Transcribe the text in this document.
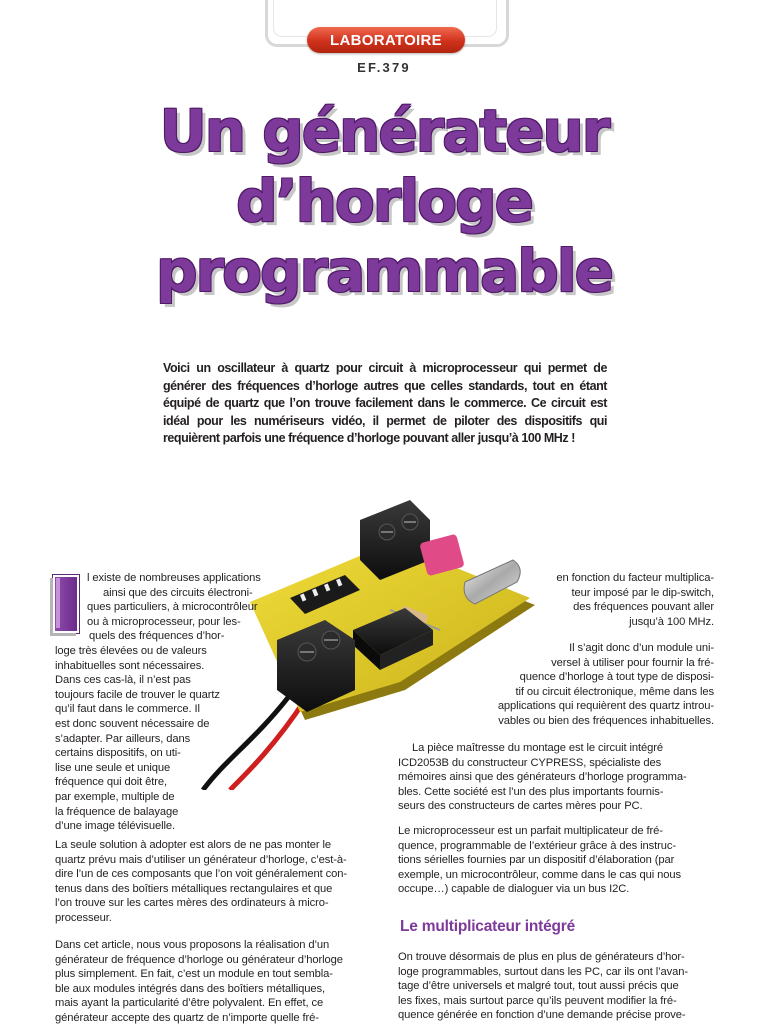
LABORATOIRE
EF.379
Un générateur
d’horloge
programmable

Voici un oscillateur à quartz pour circuit à microprocesseur qui permet de générer des fréquences d’horloge autres que celles standards, tout en étant équipé de quartz que l’on trouve facilement dans le commerce. Ce circuit est idéal pour les numériseurs vidéo, il permet de piloter des dispositifs qui requièrent parfois une fréquence d’horloge pouvant aller jusqu’à 100 MHz !

l existe de nombreuses applications

ainsi que des circuits électroni-

ques particuliers, à microcontrôleur

ou à microprocesseur, pour les-

quels des fréquences d’hor-

loge très élevées ou de valeurs

inhabituelles sont nécessaires.

Dans ces cas-là, il n’est pas

toujours facile de trouver le quartz

qu’il faut dans le commerce. Il

est donc souvent nécessaire de

s’adapter. Par ailleurs, dans

certains dispositifs, on uti-

lise une seule et unique

fréquence qui doit être,

par exemple, multiple de

la fréquence de balayage

d’une image télévisuelle.

La seule solution à adopter est alors de ne pas monter le

quartz prévu mais d’utiliser un générateur d’horloge, c’est-à-

dire l’un de ces composants que l’on voit généralement con-

tenus dans des boîtiers métalliques rectangulaires et que

l’on trouve sur les cartes mères des ordinateurs à micro-

processeur.

Dans cet article, nous vous proposons la réalisation d’un

générateur de fréquence d’horloge ou générateur d’horloge

plus simplement. En fait, c’est un module en tout sembla-

ble aux modules intégrés dans des boîtiers métalliques,

mais ayant la particularité d’être polyvalent. En effet, ce

générateur accepte des quartz de n’importe quelle fré-

en fonction du facteur multiplica-

teur imposé par le dip-switch,

des fréquences pouvant aller

jusqu’à 100 MHz.

Il s’agit donc d’un module uni-

versel à utiliser pour fournir la fré-

quence d’horloge à tout type de disposi-

tif ou circuit électronique, même dans les

applications qui requièrent des quartz introu-

vables ou bien des fréquences inhabituelles.

La pièce maîtresse du montage est le circuit intégré

ICD2053B du constructeur CYPRESS, spécialiste des

mémoires ainsi que des générateurs d’horloge programma-

bles. Cette société est l’un des plus importants fournis-

seurs des constructeurs de cartes mères pour PC.

Le microprocesseur est un parfait multiplicateur de fré-

quence, programmable de l’extérieur grâce à des instruc-

tions sérielles fournies par un dispositif d’élaboration (par

exemple, un microcontrôleur, comme dans le cas qui nous

occupe…) capable de dialoguer via un bus I2C.

Le multiplicateur intégré

On trouve désormais de plus en plus de générateurs d’hor-

loge programmables, surtout dans les PC, car ils ont l’avan-

tage d’être universels et malgré tout, tout aussi précis que

les fixes, mais surtout parce qu’ils peuvent modifier la fré-

quence générée en fonction d’une demande précise prove-
